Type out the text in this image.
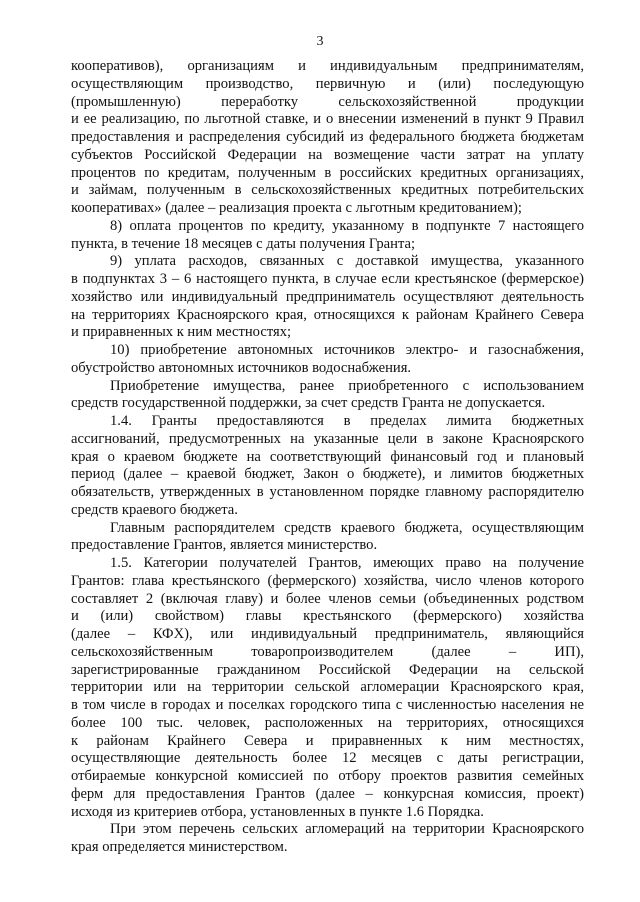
3
кооперативов), организациям и индивидуальным предпринимателям,
осуществляющим производство, первичную и (или) последующую
(промышленную) переработку сельскохозяйственной продукции
и ее реализацию, по льготной ставке, и о внесении изменений в пункт 9 Правил
предоставления и распределения субсидий из федерального бюджета бюджетам
субъектов Российской Федерации на возмещение части затрат на уплату
процентов по кредитам, полученным в российских кредитных организациях,
и займам, полученным в сельскохозяйственных кредитных потребительских
кооперативах» (далее – реализация проекта с льготным кредитованием);
8) оплата процентов по кредиту, указанному в подпункте 7 настоящего
пункта, в течение 18 месяцев с даты получения Гранта;
9) уплата расходов, связанных с доставкой имущества, указанного
в подпунктах 3 – 6 настоящего пункта, в случае если крестьянское (фермерское)
хозяйство или индивидуальный предприниматель осуществляют деятельность
на территориях Красноярского края, относящихся к районам Крайнего Севера
и приравненных к ним местностях;
10) приобретение автономных источников электро- и газоснабжения,
обустройство автономных источников водоснабжения.
Приобретение имущества, ранее приобретенного с использованием
средств государственной поддержки, за счет средств Гранта не допускается.
1.4. Гранты предоставляются в пределах лимита бюджетных
ассигнований, предусмотренных на указанные цели в законе Красноярского
края о краевом бюджете на соответствующий финансовый год и плановый
период (далее – краевой бюджет, Закон о бюджете), и лимитов бюджетных
обязательств, утвержденных в установленном порядке главному распорядителю
средств краевого бюджета.
Главным распорядителем средств краевого бюджета, осуществляющим
предоставление Грантов, является министерство.
1.5. Категории получателей Грантов, имеющих право на получение
Грантов: глава крестьянского (фермерского) хозяйства, число членов которого
составляет 2 (включая главу) и более членов семьи (объединенных родством
и (или) свойством) главы крестьянского (фермерского) хозяйства
(далее – КФХ), или индивидуальный предприниматель, являющийся
сельскохозяйственным товаропроизводителем (далее – ИП),
зарегистрированные гражданином Российской Федерации на сельской
территории или на территории сельской агломерации Красноярского края,
в том числе в городах и поселках городского типа с численностью населения не
более 100 тыс. человек, расположенных на территориях, относящихся
к районам Крайнего Севера и приравненных к ним местностях,
осуществляющие деятельность более 12 месяцев с даты регистрации,
отбираемые конкурсной комиссией по отбору проектов развития семейных
ферм для предоставления Грантов (далее – конкурсная комиссия, проект)
исходя из критериев отбора, установленных в пункте 1.6 Порядка.
При этом перечень сельских агломераций на территории Красноярского
края определяется министерством.
